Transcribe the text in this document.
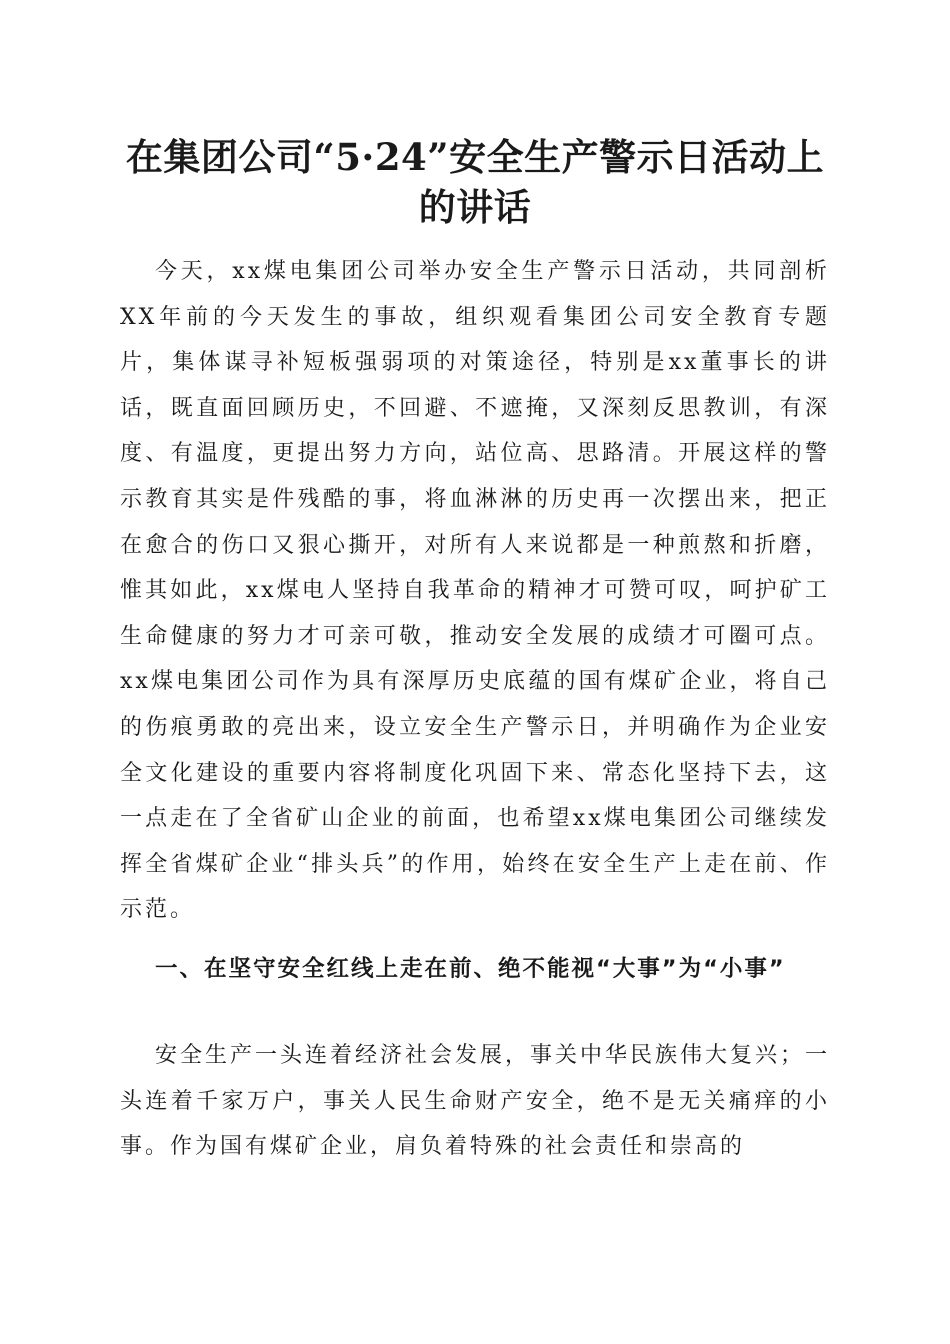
在集团公司“5·24”安全生产警示日活动上的讲话

今天，xx煤电集团公司举办安全生产警示日活动，共同剖析XX年前的今天发生的事故，组织观看集团公司安全教育专题片，集体谋寻补短板强弱项的对策途径，特别是xx董事长的讲话，既直面回顾历史，不回避、不遮掩，又深刻反思教训，有深度、有温度，更提出努力方向，站位高、思路清。开展这样的警示教育其实是件残酷的事，将血淋淋的历史再一次摆出来，把正在愈合的伤口又狠心撕开，对所有人来说都是一种煎熬和折磨，惟其如此，xx煤电人坚持自我革命的精神才可赞可叹，呵护矿工生命健康的努力才可亲可敬，推动安全发展的成绩才可圈可点。xx煤电集团公司作为具有深厚历史底蕴的国有煤矿企业，将自己的伤痕勇敢的亮出来，设立安全生产警示日，并明确作为企业安全文化建设的重要内容将制度化巩固下来、常态化坚持下去，这一点走在了全省矿山企业的前面，也希望xx煤电集团公司继续发挥全省煤矿企业“排头兵”的作用，始终在安全生产上走在前、作示范。

一、在坚守安全红线上走在前、绝不能视“大事”为“小事”

安全生产一头连着经济社会发展，事关中华民族伟大复兴；一头连着千家万户，事关人民生命财产安全，绝不是无关痛痒的小事。作为国有煤矿企业，肩负着特殊的社会责任和崇高的
